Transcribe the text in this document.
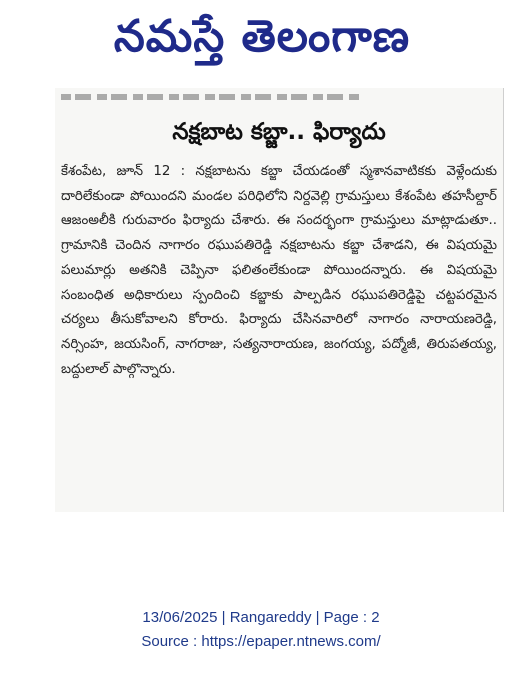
నమస్తే తెలంగాణ
నక్షబాట కబ్జా.. ఫిర్యాదు

కేశంపేట, జూన్ 12 : నక్షబాటను కబ్జా చేయడంతో స్మశానవాటికకు వెళ్లేందుకు దారిలేకుండా పోయిందని మండల పరిధిలోని నిర్దవెల్లి గ్రామస్తులు కేశంపేట తహసీల్దార్ ఆజంఅలీకి గురువారం ఫిర్యాదు చేశారు. ఈ సందర్భంగా గ్రామస్తులు మాట్లాడుతూ.. గ్రామానికి చెందిన నాగారం రఘుపతిరెడ్డి నక్షబాటను కబ్జా చేశాడని, ఈ విషయమై పలుమార్లు అతనికి చెప్పినా ఫలితంలేకుండా పోయిందన్నారు. ఈ విషయమై సంబంధిత అధికారులు స్పందించి కబ్జాకు పాల్పడిన రఘుపతిరెడ్డిపై చట్టపరమైన చర్యలు తీసుకోవాలని కోరారు. ఫిర్యాదు చేసినవారిలో నాగారం నారాయణరెడ్డి, నర్సింహ, జయసింగ్, నాగరాజు, సత్యనారాయణ, జంగయ్య, పద్మోజీ, తిరుపతయ్య, బద్దులాల్ పాల్గొన్నారు.

13/06/2025 | Rangareddy | Page : 2
Source : https://epaper.ntnews.com/
